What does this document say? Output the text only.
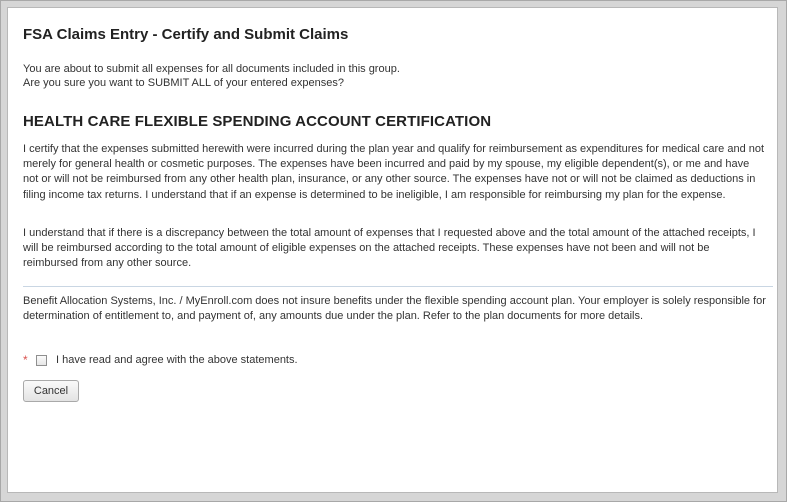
FSA Claims Entry - Certify and Submit Claims
You are about to submit all expenses for all documents included in this group.
Are you sure you want to SUBMIT ALL of your entered expenses?
HEALTH CARE FLEXIBLE SPENDING ACCOUNT CERTIFICATION

I certify that the expenses submitted herewith were incurred during the plan year and qualify for reimbursement as expenditures for medical care and not merely for general health or cosmetic purposes. The expenses have been incurred and paid by my spouse, my eligible dependent(s), or me and have not or will not be reimbursed from any other health plan, insurance, or any other source. The expenses have not or will not be claimed as deductions in filing income tax returns. I understand that if an expense is determined to be ineligible, I am responsible for reimbursing my plan for the expense.

I understand that if there is a discrepancy between the total amount of expenses that I requested above and the total amount of the attached receipts, I will be reimbursed according to the total amount of eligible expenses on the attached receipts. These expenses have not been and will not be reimbursed from any other source.

Benefit Allocation Systems, Inc. / MyEnroll.com does not insure benefits under the flexible spending account plan. Your employer is solely responsible for determination of entitlement to, and payment of, any amounts due under the plan. Refer to the plan documents for more details.

*	I have read and agree with the above statements.
Cancel
